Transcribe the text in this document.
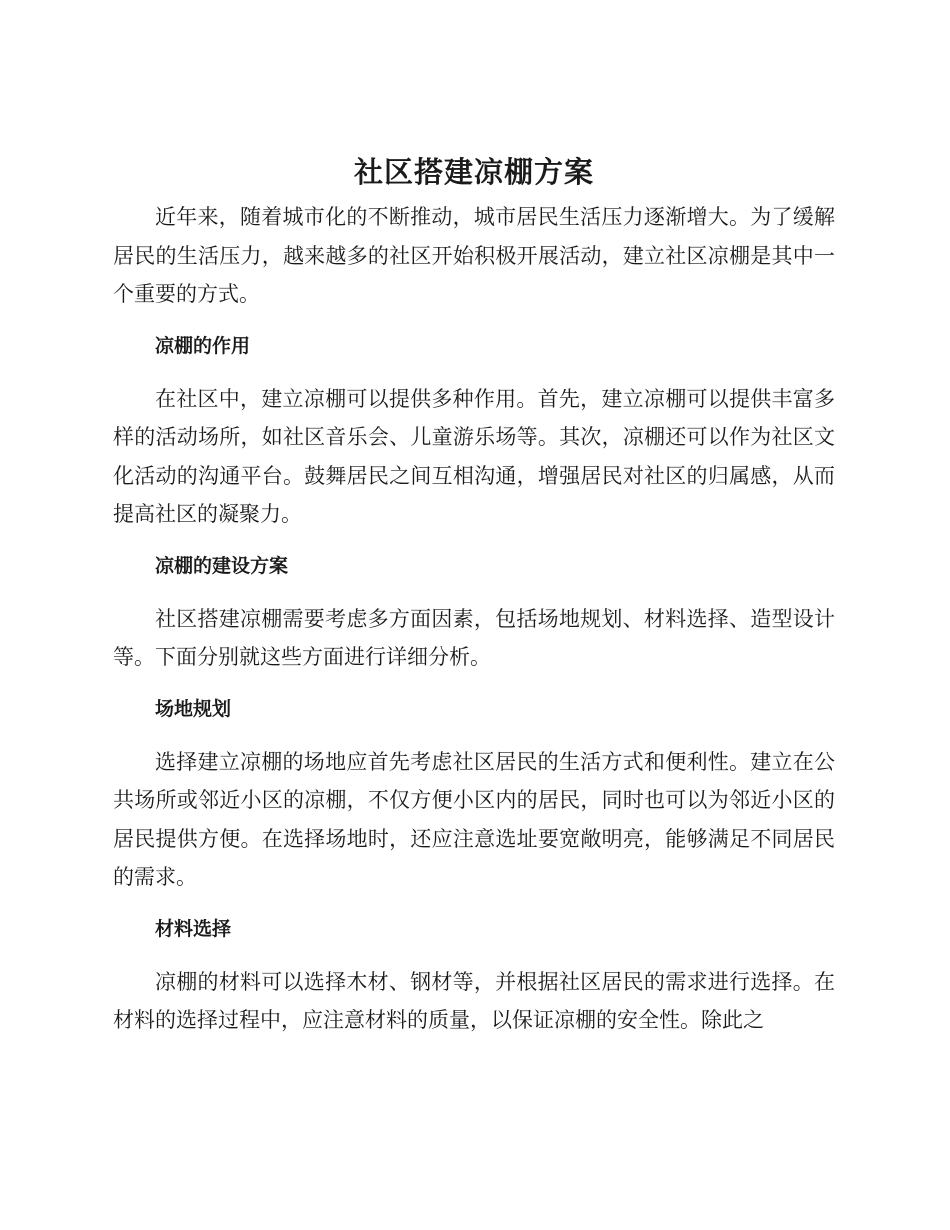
社区搭建凉棚方案

近年来，随着城市化的不断推动，城市居民生活压力逐渐增大。为了缓解居民的生活压力，越来越多的社区开始积极开展活动，建立社区凉棚是其中一个重要的方式。

凉棚的作用

在社区中，建立凉棚可以提供多种作用。首先，建立凉棚可以提供丰富多样的活动场所，如社区音乐会、儿童游乐场等。其次，凉棚还可以作为社区文化活动的沟通平台。鼓舞居民之间互相沟通，增强居民对社区的归属感，从而提高社区的凝聚力。

凉棚的建设方案

社区搭建凉棚需要考虑多方面因素，包括场地规划、材料选择、造型设计等。下面分别就这些方面进行详细分析。

场地规划

选择建立凉棚的场地应首先考虑社区居民的生活方式和便利性。建立在公共场所或邻近小区的凉棚，不仅方便小区内的居民，同时也可以为邻近小区的居民提供方便。在选择场地时，还应注意选址要宽敞明亮，能够满足不同居民的需求。

材料选择

凉棚的材料可以选择木材、钢材等，并根据社区居民的需求进行选择。在材料的选择过程中，应注意材料的质量，以保证凉棚的安全性。除此之
